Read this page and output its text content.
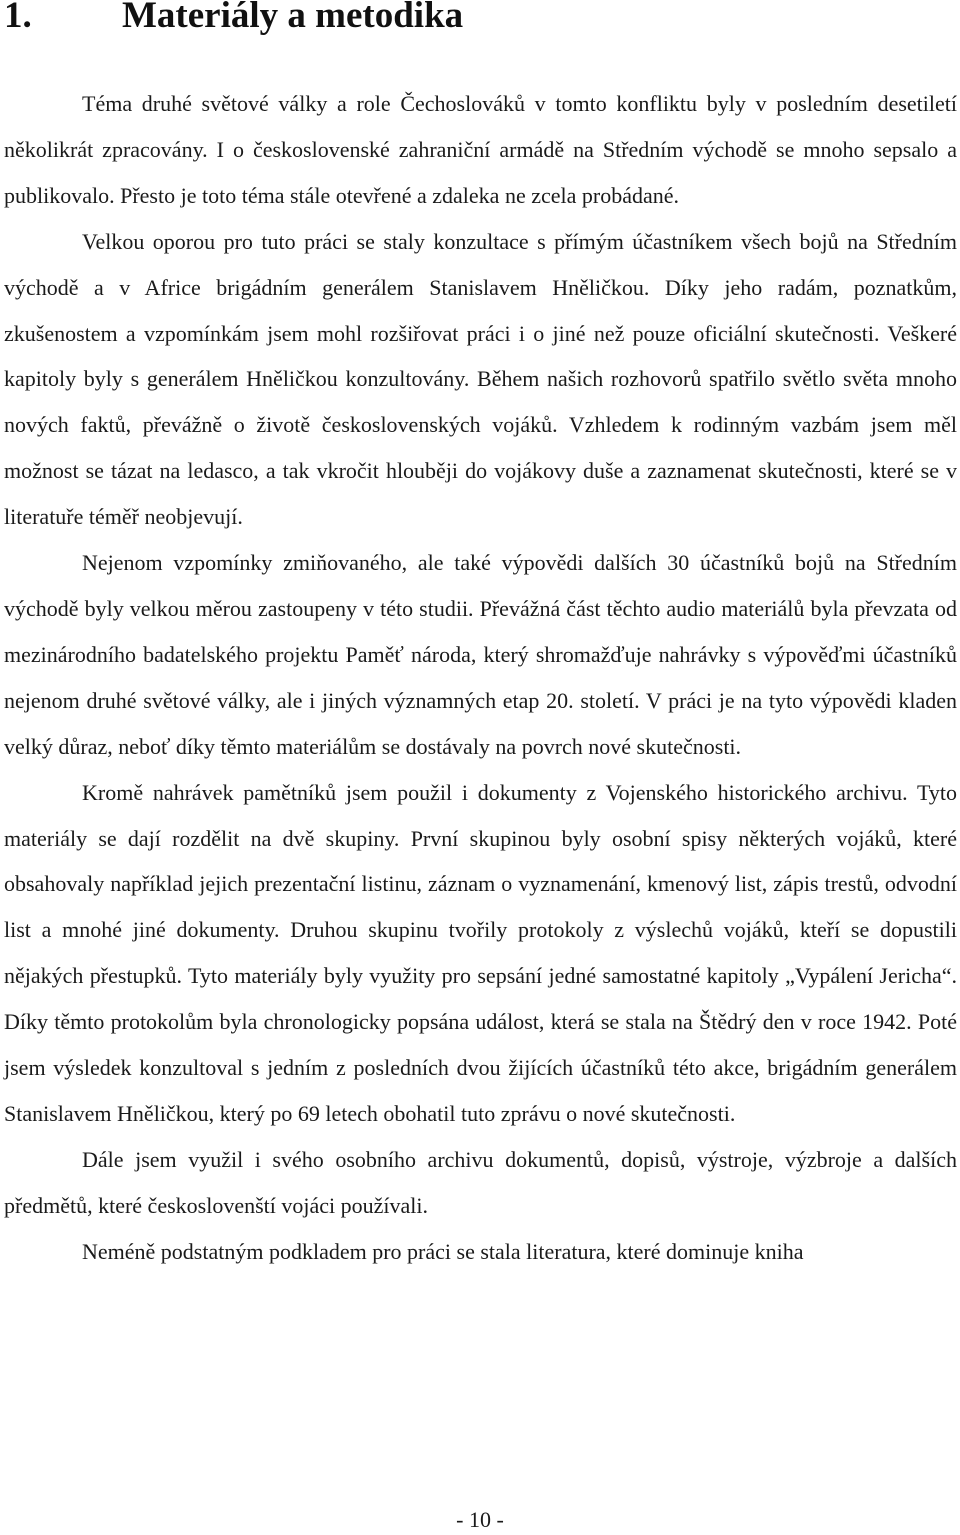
1. Materiály a metodika

Téma druhé světové války a role Čechoslováků v tomto konfliktu byly v posledním desetiletí několikrát zpracovány. I o československé zahraniční armádě na Středním východě se mnoho sepsalo a publikovalo. Přesto je toto téma stále otevřené a zdaleka ne zcela probádané.

Velkou oporou pro tuto práci se staly konzultace s přímým účastníkem všech bojů na Středním východě a v Africe brigádním generálem Stanislavem Hněličkou. Díky jeho radám, poznatkům, zkušenostem a vzpomínkám jsem mohl rozšiřovat práci i o jiné než pouze oficiální skutečnosti. Veškeré kapitoly byly s generálem Hněličkou konzultovány. Během našich rozhovorů spatřilo světlo světa mnoho nových faktů, převážně o životě československých vojáků. Vzhledem k rodinným vazbám jsem měl možnost se tázat na ledasco, a tak vkročit hlouběji do vojákovy duše a zaznamenat skutečnosti, které se v literatuře téměř neobjevují.

Nejenom vzpomínky zmiňovaného, ale také výpovědi dalších 30 účastníků bojů na Středním východě byly velkou měrou zastoupeny v této studii. Převážná část těchto audio materiálů byla převzata od mezinárodního badatelského projektu Paměť národa, který shromažďuje nahrávky s výpověďmi účastníků nejenom druhé světové války, ale i jiných významných etap 20. století. V práci je na tyto výpovědi kladen velký důraz, neboť díky těmto materiálům se dostávaly na povrch nové skutečnosti.

Kromě nahrávek pamětníků jsem použil i dokumenty z Vojenského historického archivu. Tyto materiály se dají rozdělit na dvě skupiny. První skupinou byly osobní spisy některých vojáků, které obsahovaly například jejich prezentační listinu, záznam o vyznamenání, kmenový list, zápis trestů, odvodní list a mnohé jiné dokumenty. Druhou skupinu tvořily protokoly z výslechů vojáků, kteří se dopustili nějakých přestupků. Tyto materiály byly využity pro sepsání jedné samostatné kapitoly „Vypálení Jericha“. Díky těmto protokolům byla chronologicky popsána událost, která se stala na Štědrý den v roce 1942. Poté jsem výsledek konzultoval s jedním z posledních dvou žijících účastníků této akce, brigádním generálem Stanislavem Hněličkou, který po 69 letech obohatil tuto zprávu o nové skutečnosti.

Dále jsem využil i svého osobního archivu dokumentů, dopisů, výstroje, výzbroje a dalších předmětů, které českoslovenští vojáci používali.

Neméně podstatným podkladem pro práci se stala literatura, které dominuje kniha

- 10 -
